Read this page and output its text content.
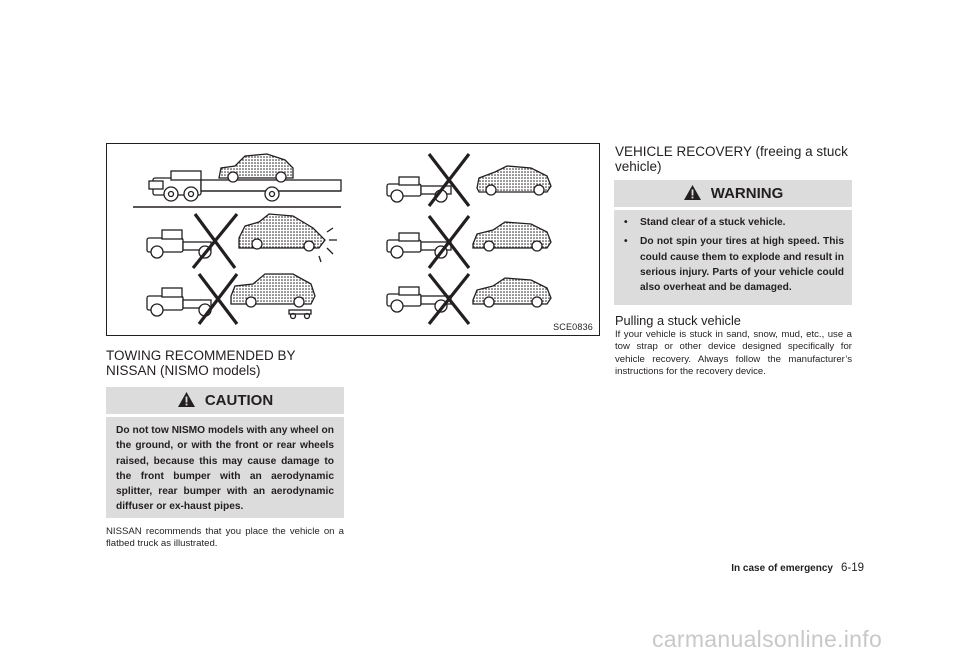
SCE0836
TOWING RECOMMENDED BY
NISSAN (NISMO models)
CAUTION
Do not tow NISMO models with any wheel on the ground, or with the front or rear wheels raised, because this may cause damage to the front bumper with an aerodynamic splitter, rear bumper with an aerodynamic diffuser or ex-haust pipes.

NISSAN recommends that you place the vehicle on a flatbed truck as illustrated.

VEHICLE RECOVERY (freeing a stuck
vehicle)
WARNING
• Stand clear of a stuck vehicle.
• Do not spin your tires at high speed. This could cause them to explode and result in serious injury. Parts of your vehicle could also overheat and be damaged.
Pulling a stuck vehicle

If your vehicle is stuck in sand, snow, mud, etc., use a tow strap or other device designed specifically for vehicle recovery. Always follow the manufacturer’s instructions for the recovery device.

In case of emergency 6-19
carmanualsonline.info
